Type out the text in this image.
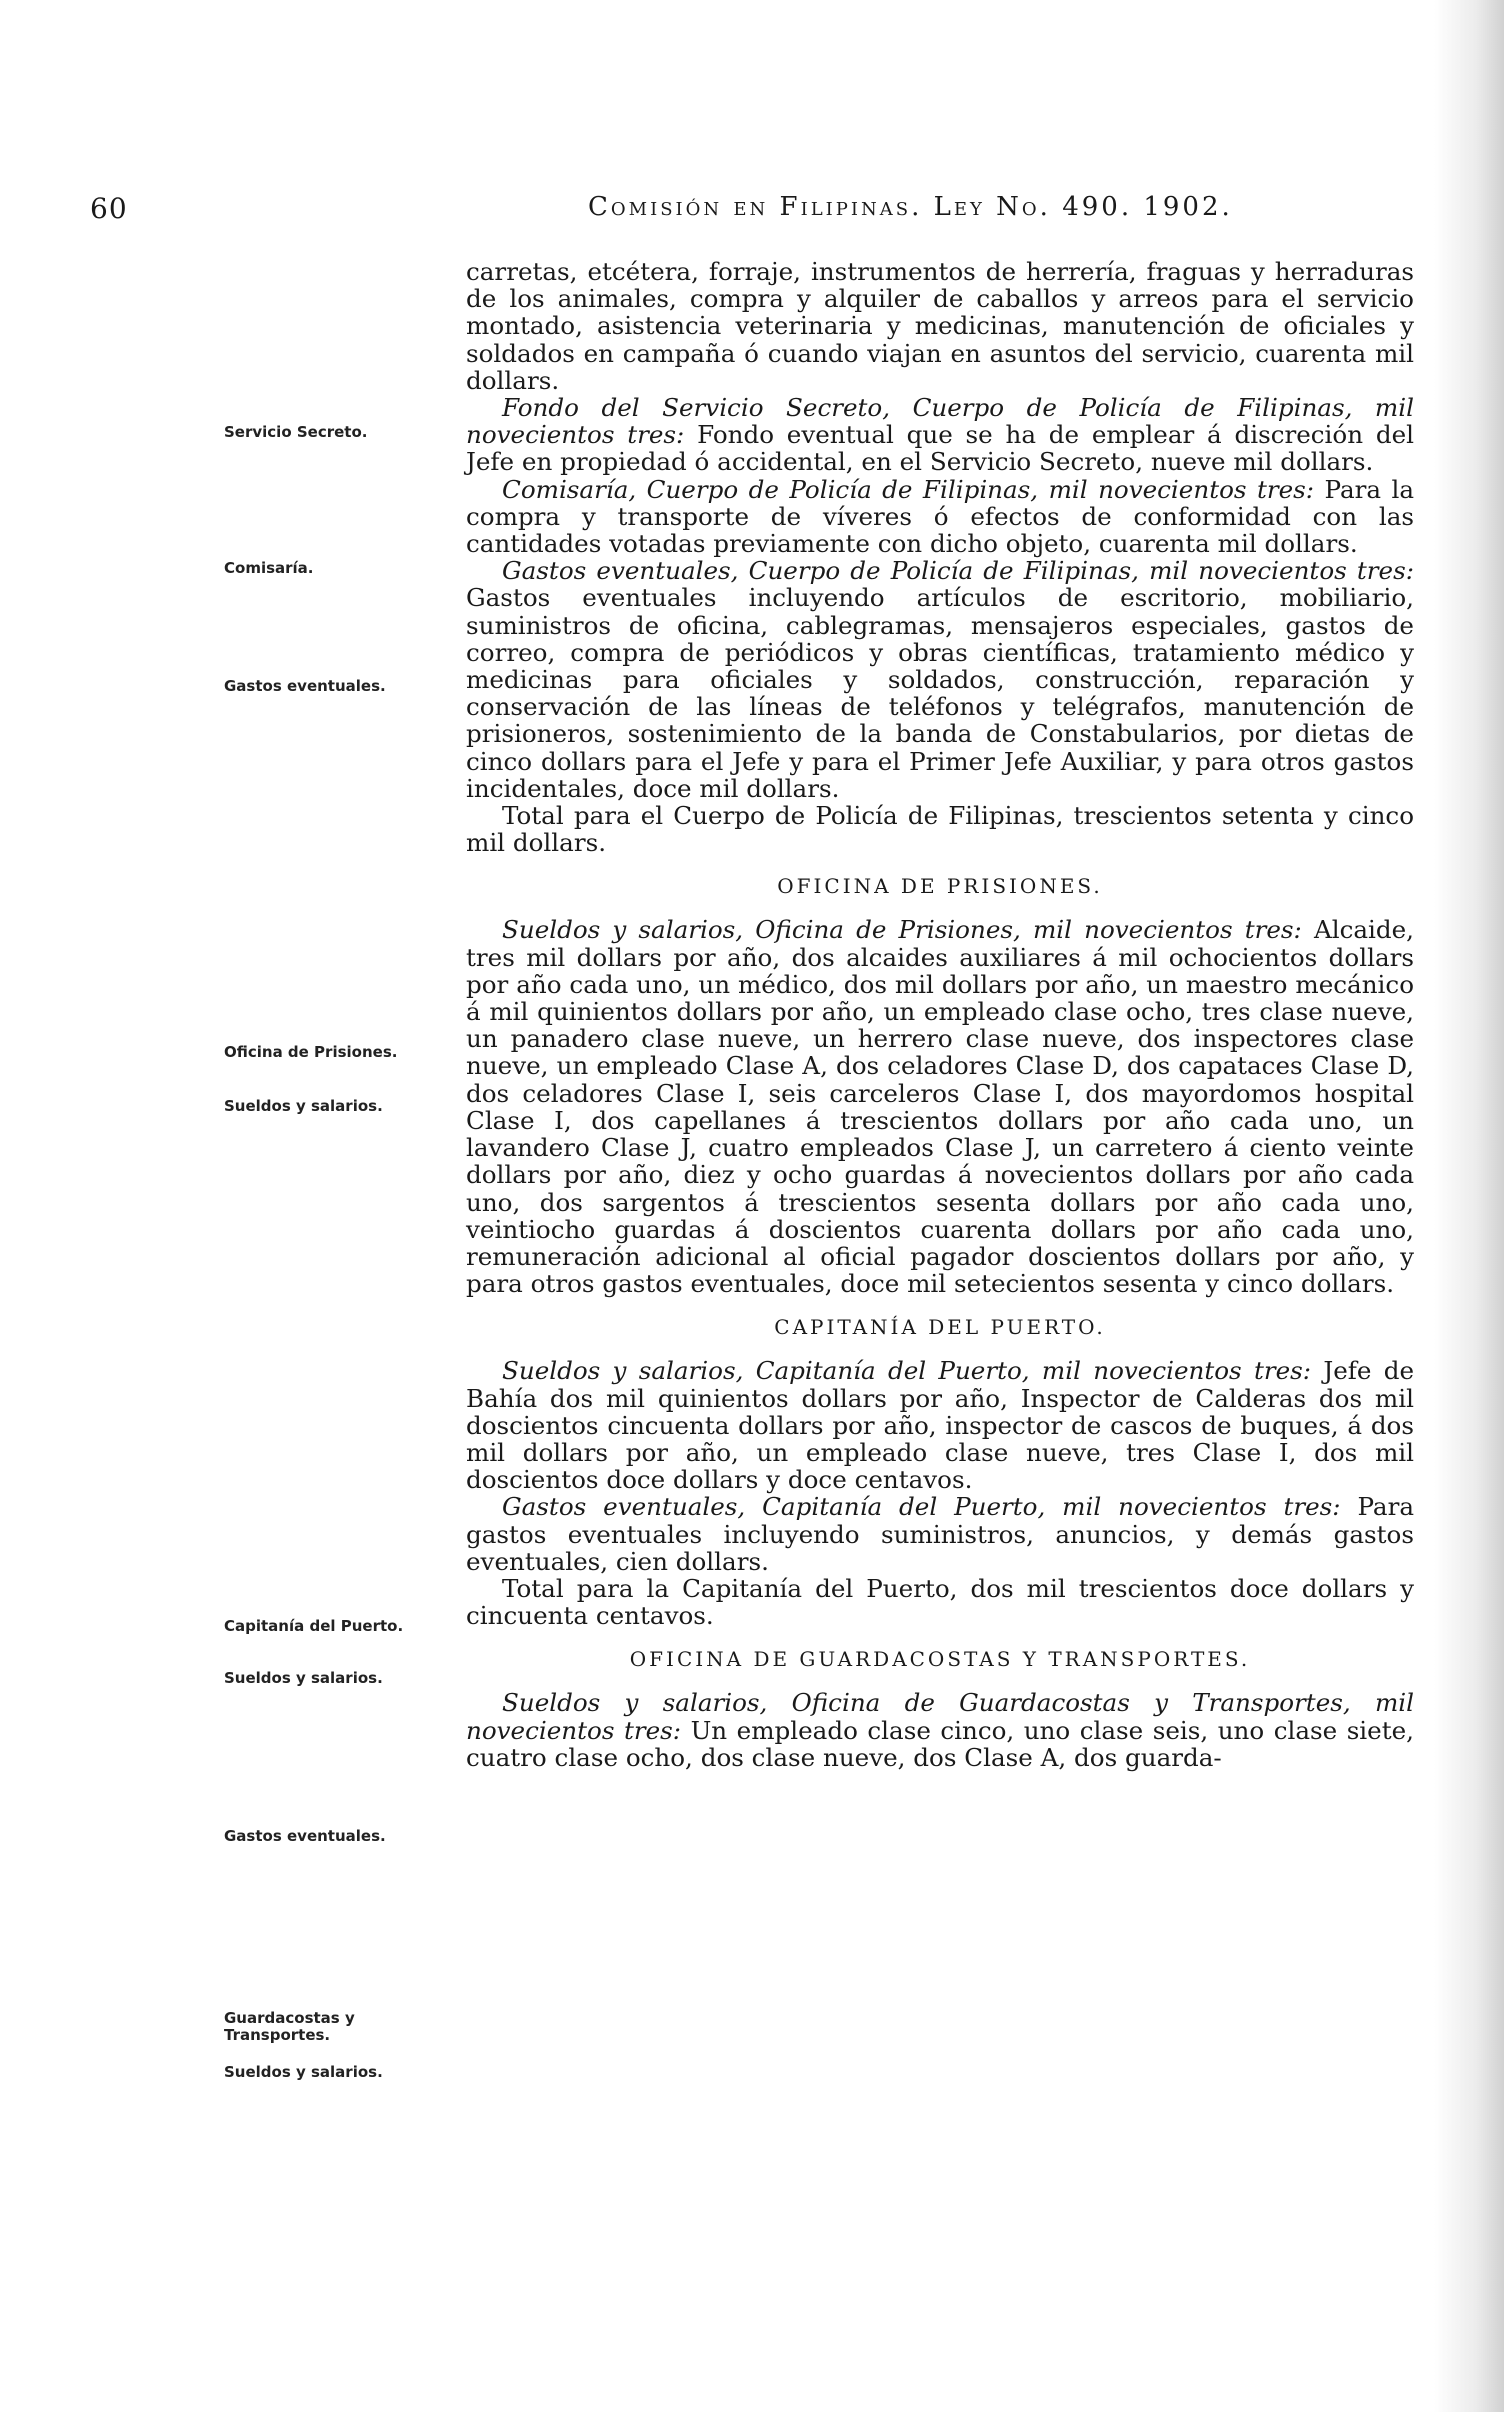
60	Comisión en Filipinas. Ley No. 490. 1902.
Servicio Secreto.
Comisaría.
Gastos eventuales.
Oficina de Prisiones.
Sueldos y salarios.
Capitanía del Puerto.
Sueldos y salarios.
Gastos eventuales.
Guardacostas y Transportes.
Sueldos y salarios.

carretas, etcétera, forraje, instrumentos de herrería, fraguas y herraduras de los animales, compra y alquiler de caballos y arreos para el servicio montado, asistencia veterinaria y medicinas, manutención de oficiales y soldados en campaña ó cuando viajan en asuntos del servicio, cuarenta mil dollars.

Fondo del Servicio Secreto, Cuerpo de Policía de Filipinas, mil novecientos tres: Fondo eventual que se ha de emplear á discreción del Jefe en propiedad ó accidental, en el Servicio Secreto, nueve mil dollars.

Comisaría, Cuerpo de Policía de Filipinas, mil novecientos tres: Para la compra y transporte de víveres ó efectos de conformidad con las cantidades votadas previamente con dicho objeto, cuarenta mil dollars.

Gastos eventuales, Cuerpo de Policía de Filipinas, mil novecientos tres: Gastos eventuales incluyendo artículos de escritorio, mobiliario, suministros de oficina, cablegramas, mensajeros especiales, gastos de correo, compra de periódicos y obras científicas, tratamiento médico y medicinas para oficiales y soldados, construcción, reparación y conservación de las líneas de teléfonos y telégrafos, manutención de prisioneros, sostenimiento de la banda de Constabularios, por dietas de cinco dollars para el Jefe y para el Primer Jefe Auxiliar, y para otros gastos incidentales, doce mil dollars.

Total para el Cuerpo de Policía de Filipinas, trescientos setenta y cinco mil dollars.

OFICINA DE PRISIONES.

Sueldos y salarios, Oficina de Prisiones, mil novecientos tres: Alcaide, tres mil dollars por año, dos alcaides auxiliares á mil ochocientos dollars por año cada uno, un médico, dos mil dollars por año, un maestro mecánico á mil quinientos dollars por año, un empleado clase ocho, tres clase nueve, un panadero clase nueve, un herrero clase nueve, dos inspectores clase nueve, un empleado Clase A, dos celadores Clase D, dos capataces Clase D, dos celadores Clase I, seis carceleros Clase I, dos mayordomos hospital Clase I, dos capellanes á trescientos dollars por año cada uno, un lavandero Clase J, cuatro empleados Clase J, un carretero á ciento veinte dollars por año, diez y ocho guardas á novecientos dollars por año cada uno, dos sargentos á trescientos sesenta dollars por año cada uno, veintiocho guardas á doscientos cuarenta dollars por año cada uno, remuneración adicional al oficial pagador doscientos dollars por año, y para otros gastos eventuales, doce mil setecientos sesenta y cinco dollars.

CAPITANÍA DEL PUERTO.

Sueldos y salarios, Capitanía del Puerto, mil novecientos tres: Jefe de Bahía dos mil quinientos dollars por año, Inspector de Calderas dos mil doscientos cincuenta dollars por año, inspector de cascos de buques, á dos mil dollars por año, un empleado clase nueve, tres Clase I, dos mil doscientos doce dollars y doce centavos.

Gastos eventuales, Capitanía del Puerto, mil novecientos tres: Para gastos eventuales incluyendo suministros, anuncios, y demás gastos eventuales, cien dollars.

Total para la Capitanía del Puerto, dos mil trescientos doce dollars y cincuenta centavos.

OFICINA DE GUARDACOSTAS Y TRANSPORTES.

Sueldos y salarios, Oficina de Guardacostas y Transportes, mil novecientos tres: Un empleado clase cinco, uno clase seis, uno clase siete, cuatro clase ocho, dos clase nueve, dos Clase A, dos guarda-
